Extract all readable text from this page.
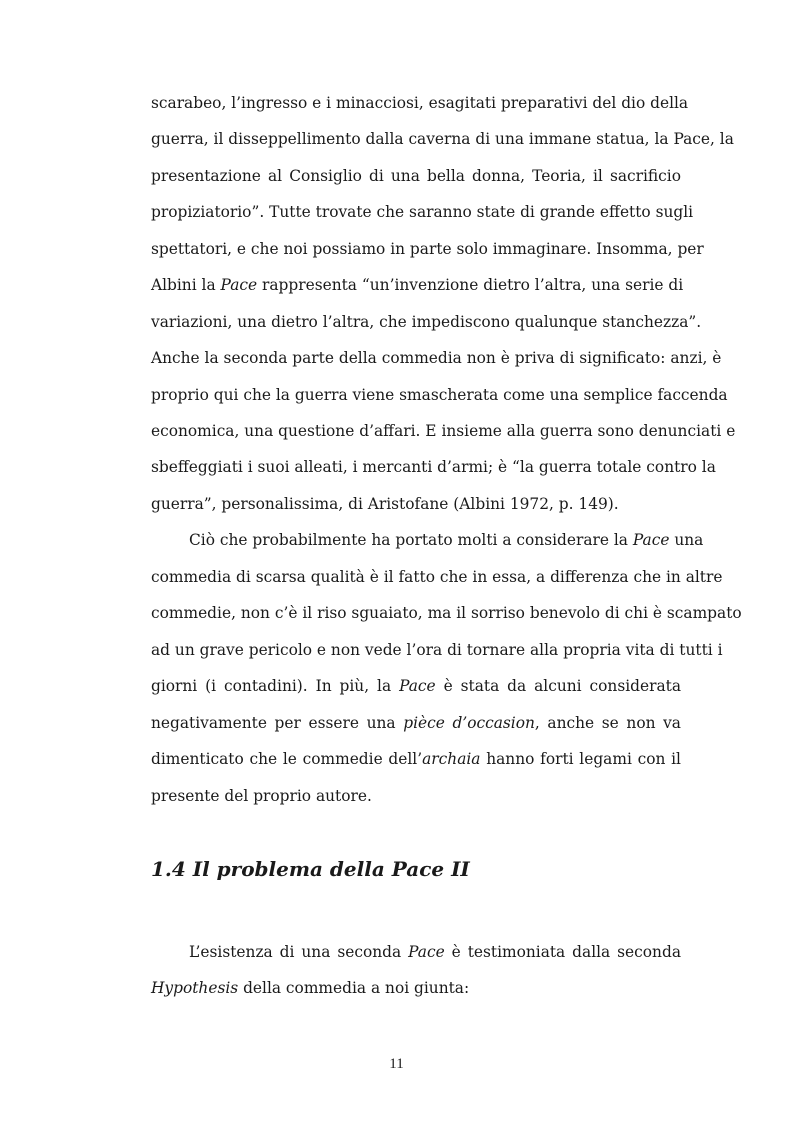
scarabeo, l’ingresso e i minacciosi, esagitati preparativi del dio della
guerra, il disseppellimento dalla caverna di una immane statua, la Pace, la
presentazione al Consiglio di una bella donna, Teoria, il sacrificio
propiziatorio”. Tutte trovate che saranno state di grande effetto sugli
spettatori, e che noi possiamo in parte solo immaginare. Insomma, per
Albini la Pace rappresenta “un’invenzione dietro l’altra, una serie di
variazioni, una dietro l’altra, che impediscono qualunque stanchezza”.
Anche la seconda parte della commedia non è priva di significato: anzi, è
proprio qui che la guerra viene smascherata come una semplice faccenda
economica, una questione d’affari. E insieme alla guerra sono denunciati e
sbeffeggiati i suoi alleati, i mercanti d’armi; è “la guerra totale contro la
guerra”, personalissima, di Aristofane (Albini 1972, p. 149).
Ciò che probabilmente ha portato molti a considerare la Pace una
commedia di scarsa qualità è il fatto che in essa, a differenza che in altre
commedie, non c’è il riso sguaiato, ma il sorriso benevolo di chi è scampato
ad un grave pericolo e non vede l’ora di tornare alla propria vita di tutti i
giorni (i contadini). In più, la Pace è stata da alcuni considerata
negativamente per essere una pièce d’occasion, anche se non va
dimenticato che le commedie dell’archaia hanno forti legami con il
presente del proprio autore.
1.4 Il problema della Pace II
L’esistenza di una seconda Pace è testimoniata dalla seconda
Hypothesis della commedia a noi giunta:
11
